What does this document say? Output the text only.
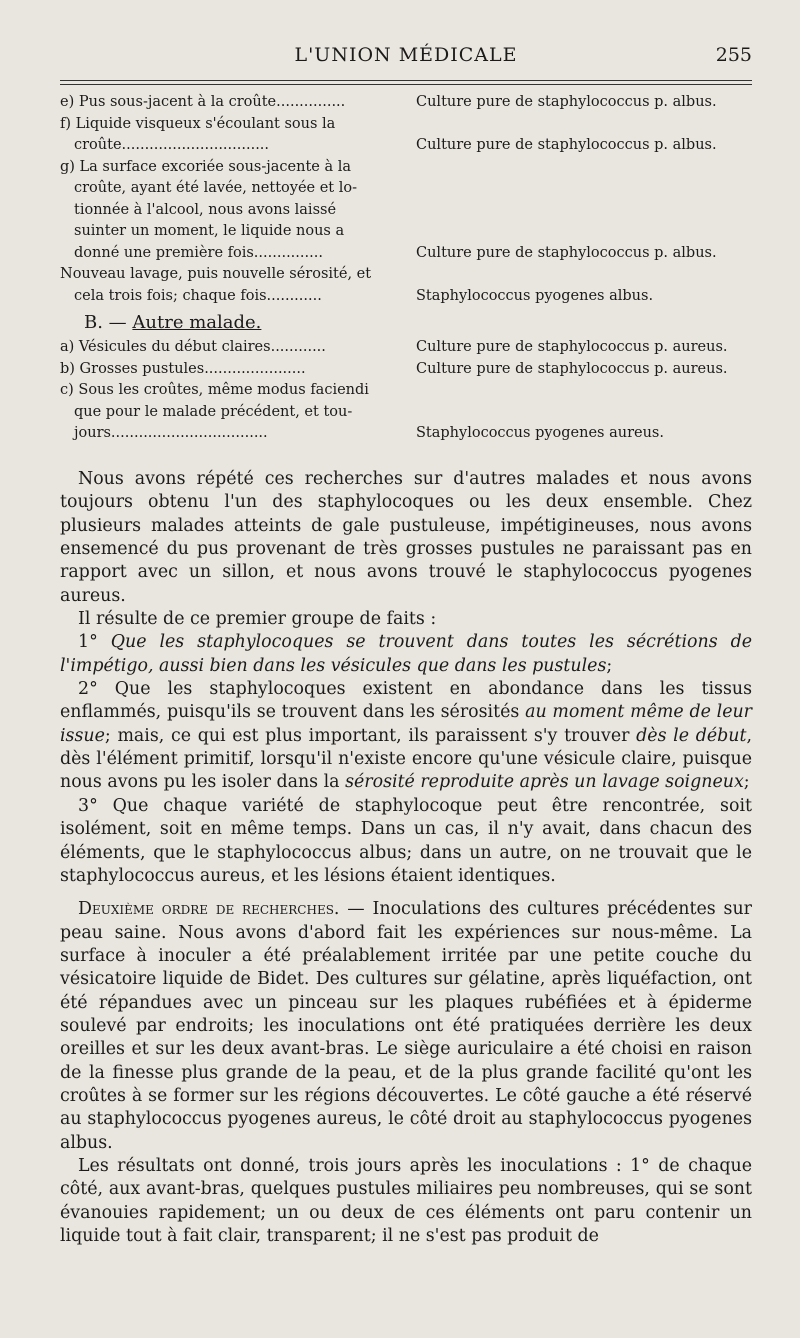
L'UNION MÉDICALE	255
e) Pus sous-jacent à la croûte...............	Culture pure de staphylococcus p. albus.
f) Liquide visqueux s'écoulant sous la
croûte................................	Culture pure de staphylococcus p. albus.
g) La surface excoriée sous-jacente à la
croûte, ayant été lavée, nettoyée et lo-
tionnée à l'alcool, nous avons laissé
suinter un moment, le liquide nous a
donné une première fois...............	Culture pure de staphylococcus p. albus.
Nouveau lavage, puis nouvelle sérosité, et
cela trois fois; chaque fois............	Staphylococcus pyogenes albus.
B. — Autre malade.
a) Vésicules du début claires............	Culture pure de staphylococcus p. aureus.
b) Grosses pustules......................	Culture pure de staphylococcus p. aureus.
c) Sous les croûtes, même modus faciendi
que pour le malade précédent, et tou-
jours..................................	Staphylococcus pyogenes aureus.

Nous avons répété ces recherches sur d'autres malades et nous avons toujours obtenu l'un des staphylocoques ou les deux ensemble. Chez plusieurs malades atteints de gale pustuleuse, impétigineuses, nous avons ensemencé du pus provenant de très grosses pustules ne paraissant pas en rapport avec un sillon, et nous avons trouvé le staphylococcus pyogenes aureus.

Il résulte de ce premier groupe de faits :

1° Que les staphylocoques se trouvent dans toutes les sécrétions de l'impétigo, aussi bien dans les vésicules que dans les pustules;

2° Que les staphylocoques existent en abondance dans les tissus enflammés, puisqu'ils se trouvent dans les sérosités au moment même de leur issue; mais, ce qui est plus important, ils paraissent s'y trouver dès le début, dès l'élément primitif, lorsqu'il n'existe encore qu'une vésicule claire, puisque nous avons pu les isoler dans la sérosité reproduite après un lavage soigneux;

3° Que chaque variété de staphylocoque peut être rencontrée, soit isolément, soit en même temps. Dans un cas, il n'y avait, dans chacun des éléments, que le staphylococcus albus; dans un autre, on ne trouvait que le staphylococcus aureus, et les lésions étaient identiques.

Deuxième ordre de recherches. — Inoculations des cultures précédentes sur peau saine. Nous avons d'abord fait les expériences sur nous-même. La surface à inoculer a été préalablement irritée par une petite couche du vésicatoire liquide de Bidet. Des cultures sur gélatine, après liquéfaction, ont été répandues avec un pinceau sur les plaques rubéfiées et à épiderme soulevé par endroits; les inoculations ont été pratiquées derrière les deux oreilles et sur les deux avant-bras. Le siège auriculaire a été choisi en raison de la finesse plus grande de la peau, et de la plus grande facilité qu'ont les croûtes à se former sur les régions découvertes. Le côté gauche a été réservé au staphylococcus pyogenes aureus, le côté droit au staphylococcus pyogenes albus.

Les résultats ont donné, trois jours après les inoculations : 1° de chaque côté, aux avant-bras, quelques pustules miliaires peu nombreuses, qui se sont évanouies rapidement; un ou deux de ces éléments ont paru contenir un liquide tout à fait clair, transparent; il ne s'est pas produit de
